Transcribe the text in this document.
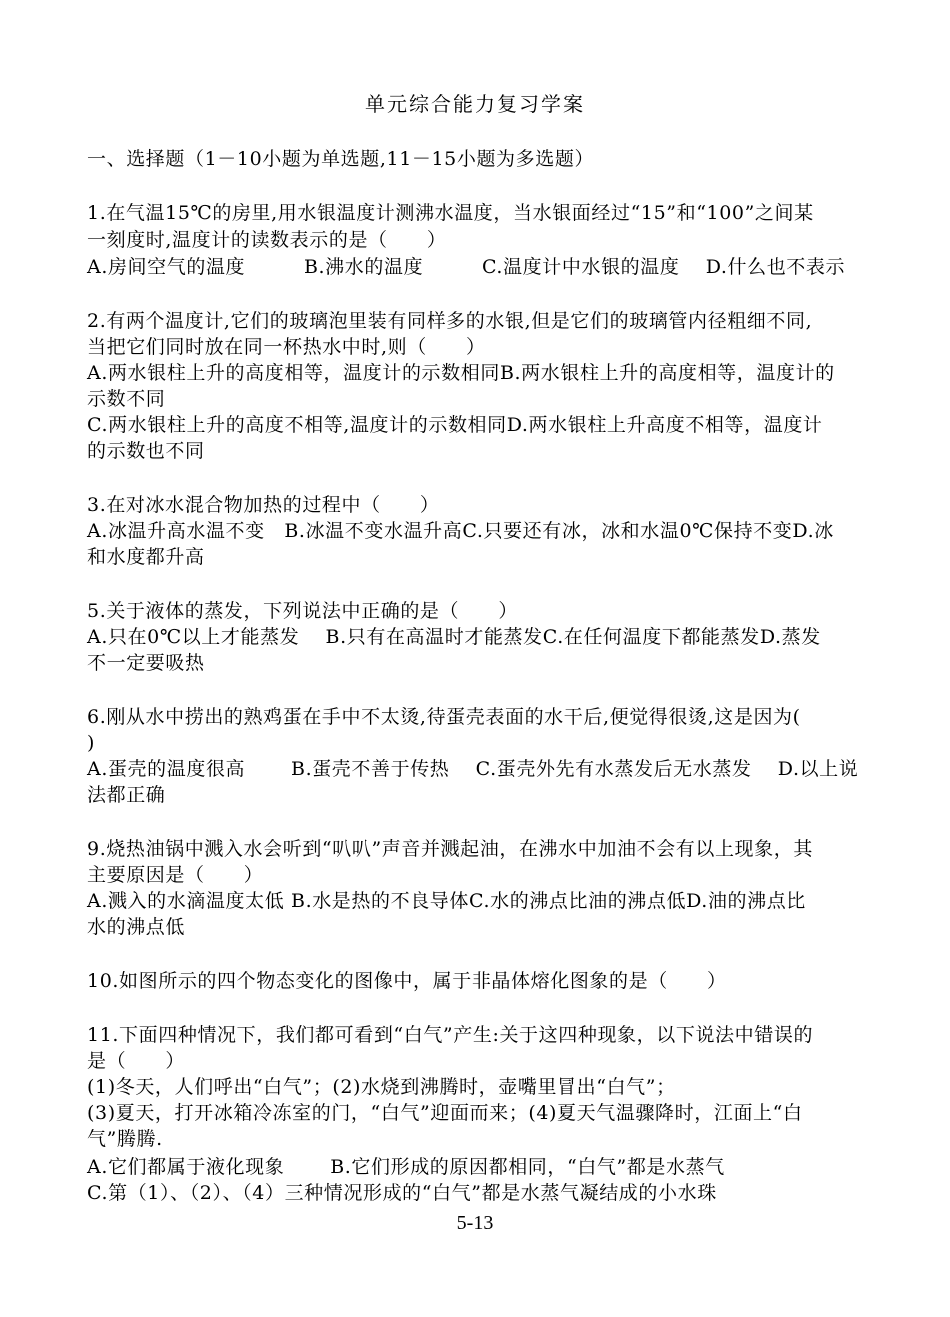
单元综合能力复习学案
一、选择题（1－10小题为单选题,11－15小题为多选题）
1.在气温15℃的房里,用水银温度计测沸水温度，当水银面经过“15”和“100”之间某
一刻度时,温度计的读数表示的是（　　）
A.房间空气的温度　　　B.沸水的温度　　　C.温度计中水银的温度　 D.什么也不表示
2.有两个温度计,它们的玻璃泡里装有同样多的水银,但是它们的玻璃管内径粗细不同,
当把它们同时放在同一杯热水中时,则（　　）
A.两水银柱上升的高度相等，温度计的示数相同B.两水银柱上升的高度相等，温度计的
示数不同
C.两水银柱上升的高度不相等,温度计的示数相同D.两水银柱上升高度不相等，温度计
的示数也不同
3.在对冰水混合物加热的过程中（　　）
A.冰温升高水温不变　B.冰温不变水温升高C.只要还有冰，冰和水温0℃保持不变D.冰
和水度都升高
5.关于液体的蒸发，下列说法中正确的是（　　）
A.只在0℃以上才能蒸发　 B.只有在高温时才能蒸发C.在任何温度下都能蒸发D.蒸发
不一定要吸热
6.刚从水中捞出的熟鸡蛋在手中不太烫,待蛋壳表面的水干后,便觉得很烫,这是因为(
)
A.蛋壳的温度很高　　 B.蛋壳不善于传热　 C.蛋壳外先有水蒸发后无水蒸发　 D.以上说
法都正确
9.烧热油锅中溅入水会听到“叭叭”声音并溅起油，在沸水中加油不会有以上现象，其
主要原因是（　　）
A.溅入的水滴温度太低 B.水是热的不良导体C.水的沸点比油的沸点低D.油的沸点比
水的沸点低
10.如图所示的四个物态变化的图像中，属于非晶体熔化图象的是（　　）
11.下面四种情况下，我们都可看到“白气”产生:关于这四种现象，以下说法中错误的
是（　　）
(1)冬天，人们呼出“白气”；(2)水烧到沸腾时，壶嘴里冒出“白气”；
(3)夏天，打开冰箱冷冻室的门，“白气”迎面而来；(4)夏天气温骤降时，江面上“白
气”腾腾.
A.它们都属于液化现象　　 B.它们形成的原因都相同，“白气”都是水蒸气
C.第（1）、（2）、（4）三种情况形成的“白气”都是水蒸气凝结成的小水珠
5-13
